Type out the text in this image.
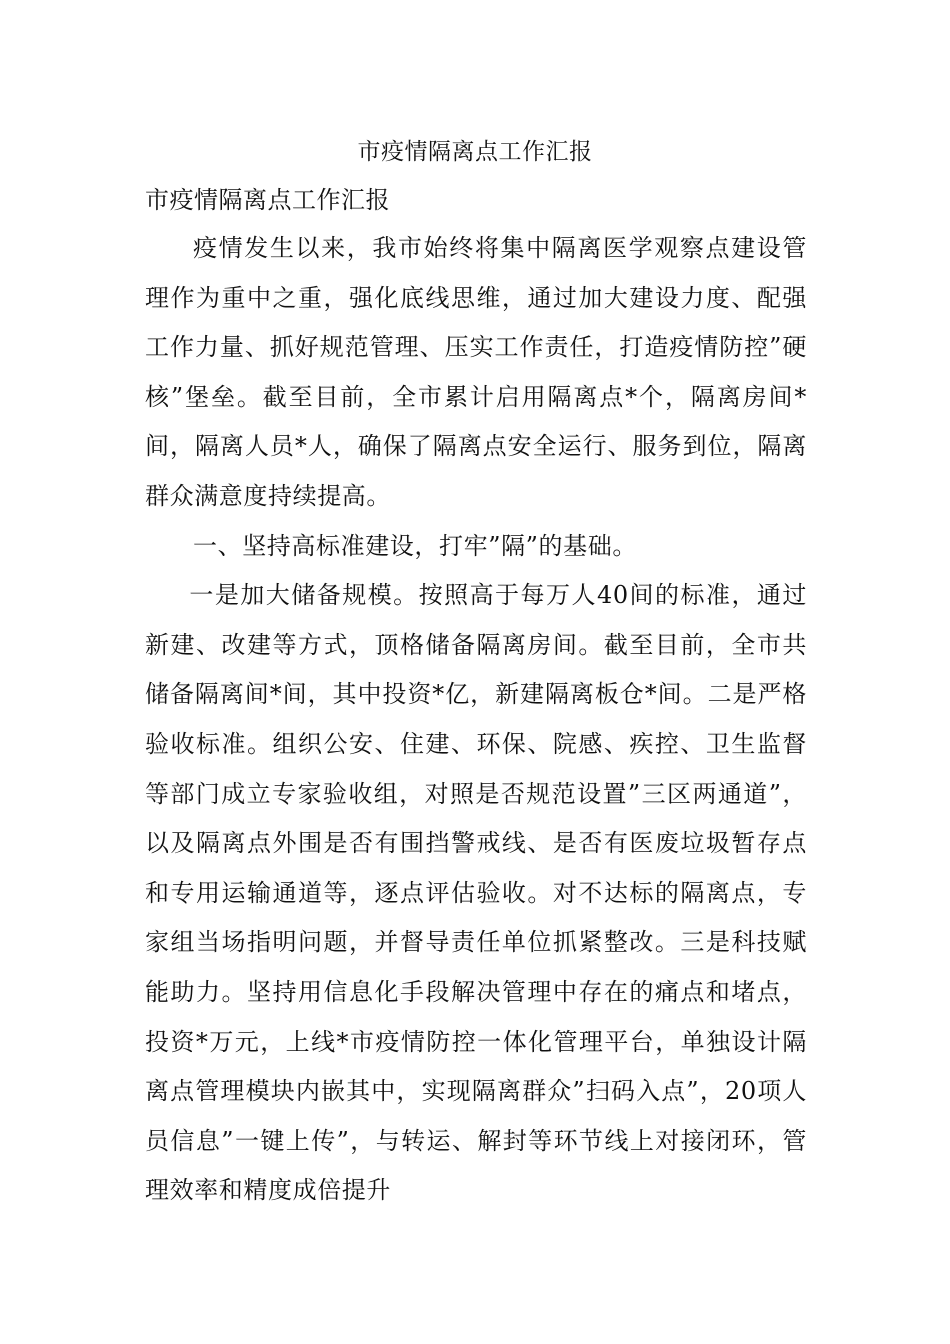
市疫情隔离点工作汇报
市疫情隔离点工作汇报

疫情发生以来，我市始终将集中隔离医学观察点建设管理作为重中之重，强化底线思维，通过加大建设力度、配强工作力量、抓好规范管理、压实工作责任，打造疫情防控”硬核”堡垒。截至目前，全市累计启用隔离点*个，隔离房间*间，隔离人员*人，确保了隔离点安全运行、服务到位，隔离群众满意度持续提高。

一、坚持高标准建设，打牢”隔”的基础。

一是加大储备规模。按照高于每万人40间的标准，通过新建、改建等方式，顶格储备隔离房间。截至目前，全市共储备隔离间*间，其中投资*亿，新建隔离板仓*间。二是严格验收标准。组织公安、住建、环保、院感、疾控、卫生监督等部门成立专家验收组，对照是否规范设置”三区两通道”，以及隔离点外围是否有围挡警戒线、是否有医废垃圾暂存点和专用运输通道等，逐点评估验收。对不达标的隔离点，专家组当场指明问题，并督导责任单位抓紧整改。三是科技赋能助力。坚持用信息化手段解决管理中存在的痛点和堵点，投资*万元，上线*市疫情防控一体化管理平台，单独设计隔离点管理模块内嵌其中，实现隔离群众”扫码入点”，20项人员信息”一键上传”，与转运、解封等环节线上对接闭环，管理效率和精度成倍提升
